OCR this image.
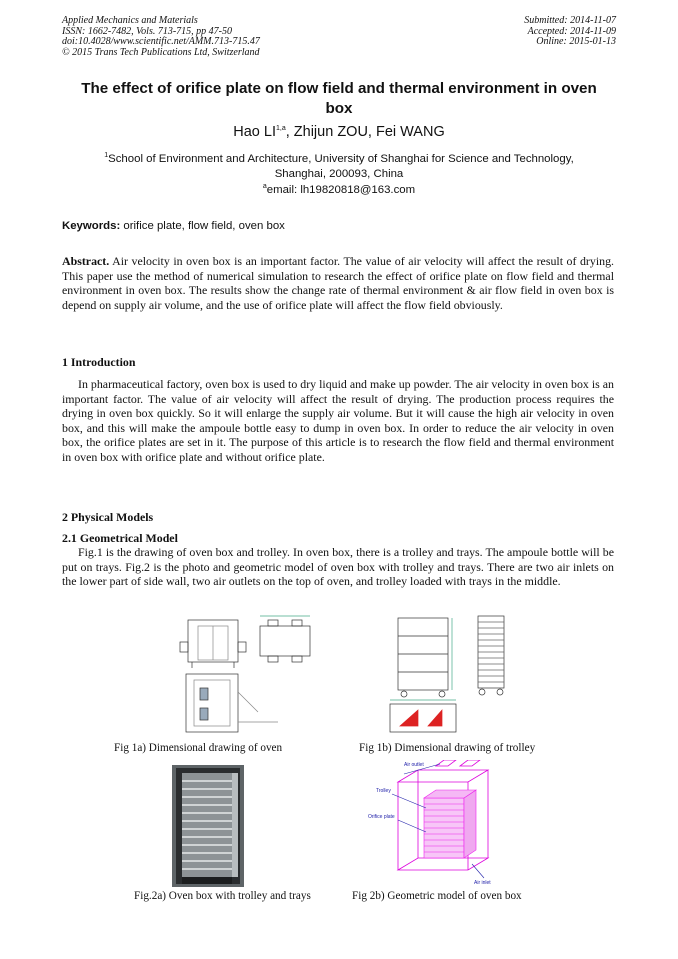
Applied Mechanics and Materials
ISSN: 1662-7482, Vols. 713-715, pp 47-50
doi:10.4028/www.scientific.net/AMM.713-715.47
© 2015 Trans Tech Publications Ltd, Switzerland
Submitted: 2014-11-07
Accepted: 2014-11-09
Online: 2015-01-13
The effect of orifice plate on flow field and thermal environment in oven
box
Hao LI$^{1,a}$, Zhijun ZOU, Fei WANG
$^1$School of Environment and Architecture, University of Shanghai for Science and Technology,
Shanghai, 200093, China
$^a$email: lh19820818@163.com
Keywords: orifice plate, flow field, oven box
Abstract. Air velocity in oven box is an important factor. The value of air velocity will affect the result of drying. This paper use the method of numerical simulation to research the effect of orifice plate on flow field and thermal environment in oven box. The results show the change rate of thermal environment & air flow field in oven box is depend on supply air volume, and the use of orifice plate will affect the flow field obviously.
1 Introduction
In pharmaceutical factory, oven box is used to dry liquid and make up powder. The air velocity in oven box is an important factor. The value of air velocity will affect the result of drying. The production process requires the drying in oven box quickly. So it will enlarge the supply air volume. But it will cause the high air velocity in oven box, and this will make the ampoule bottle easy to dump in oven box. In order to reduce the air velocity in oven box, the orifice plates are set in it. The purpose of this article is to research the flow field and thermal environment in oven box with orifice plate and without orifice plate.
2 Physical Models
2.1 Geometrical Model
Fig.1 is the drawing of oven box and trolley. In oven box, there is a trolley and trays. The ampoule bottle will be put on trays. Fig.2 is the photo and geometric model of oven box with trolley and trays. There are two air inlets on the lower part of side wall, two air outlets on the top of oven, and trolley loaded with trays in the middle.
Fig 1a) Dimensional drawing of oven	Fig 1b) Dimensional drawing of trolley
Air outlet
Trolley
Orifice plate
Air inlet
Fig.2a) Oven box with trolley and trays	Fig 2b) Geometric model of oven box
